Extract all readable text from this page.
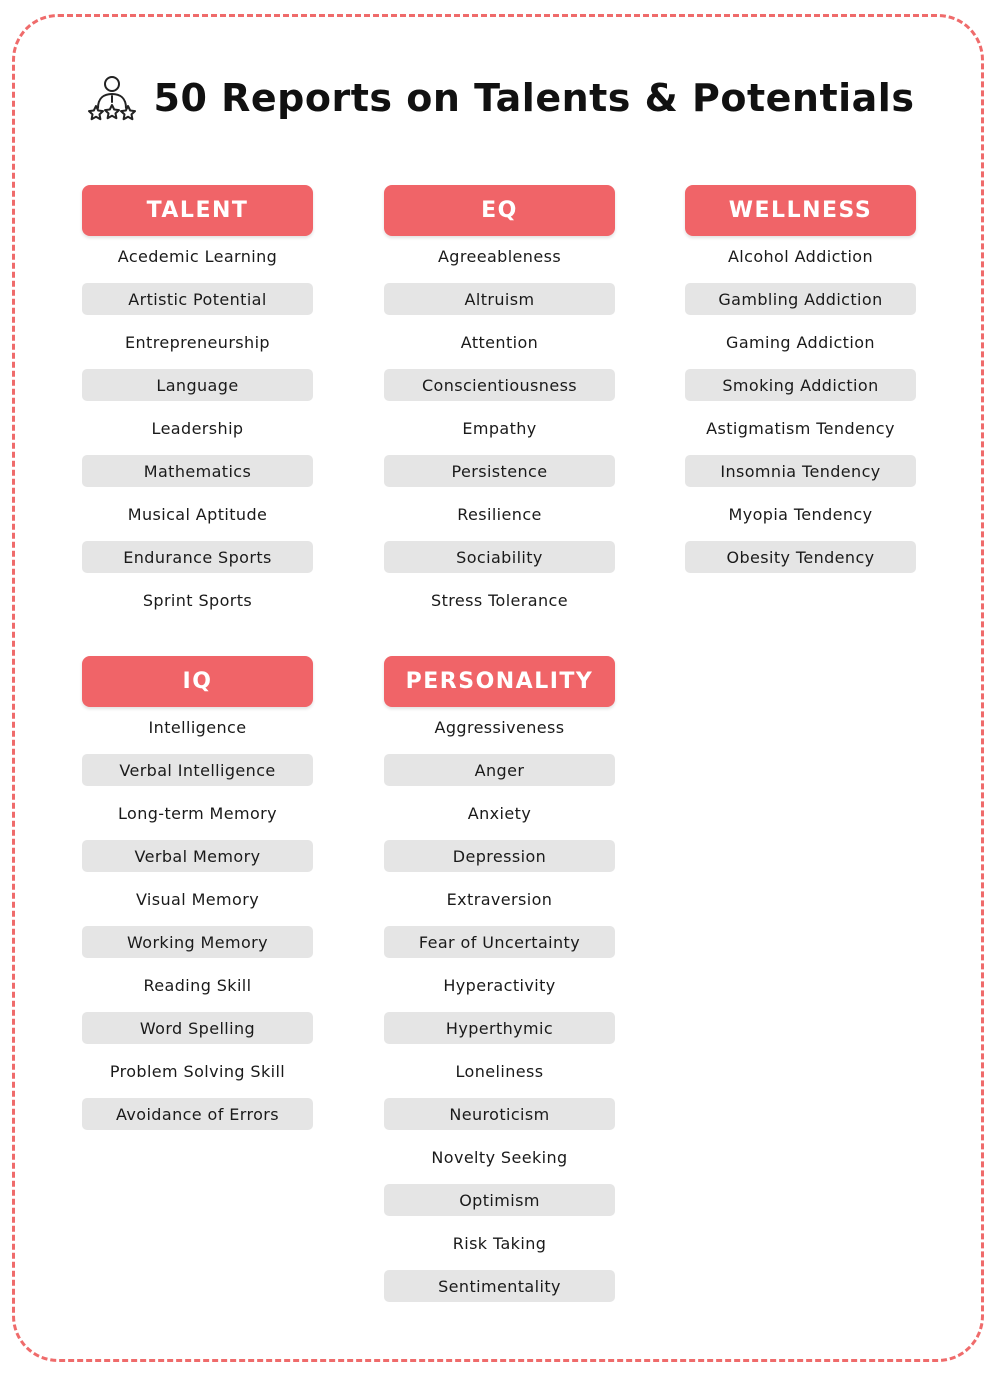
50 Reports on Talents & Potentials
TALENT
Acedemic Learning
Artistic Potential
Entrepreneurship
Language
Leadership
Mathematics
Musical Aptitude
Endurance Sports
Sprint Sports
EQ
Agreeableness
Altruism
Attention
Conscientiousness
Empathy
Persistence
Resilience
Sociability
Stress Tolerance
WELLNESS
Alcohol Addiction
Gambling Addiction
Gaming Addiction
Smoking Addiction
Astigmatism Tendency
Insomnia Tendency
Myopia Tendency
Obesity Tendency
IQ
Intelligence
Verbal Intelligence
Long-term Memory
Verbal Memory
Visual Memory
Working Memory
Reading Skill
Word Spelling
Problem Solving Skill
Avoidance of Errors
PERSONALITY
Aggressiveness
Anger
Anxiety
Depression
Extraversion
Fear of Uncertainty
Hyperactivity
Hyperthymic
Loneliness
Neuroticism
Novelty Seeking
Optimism
Risk Taking
Sentimentality
